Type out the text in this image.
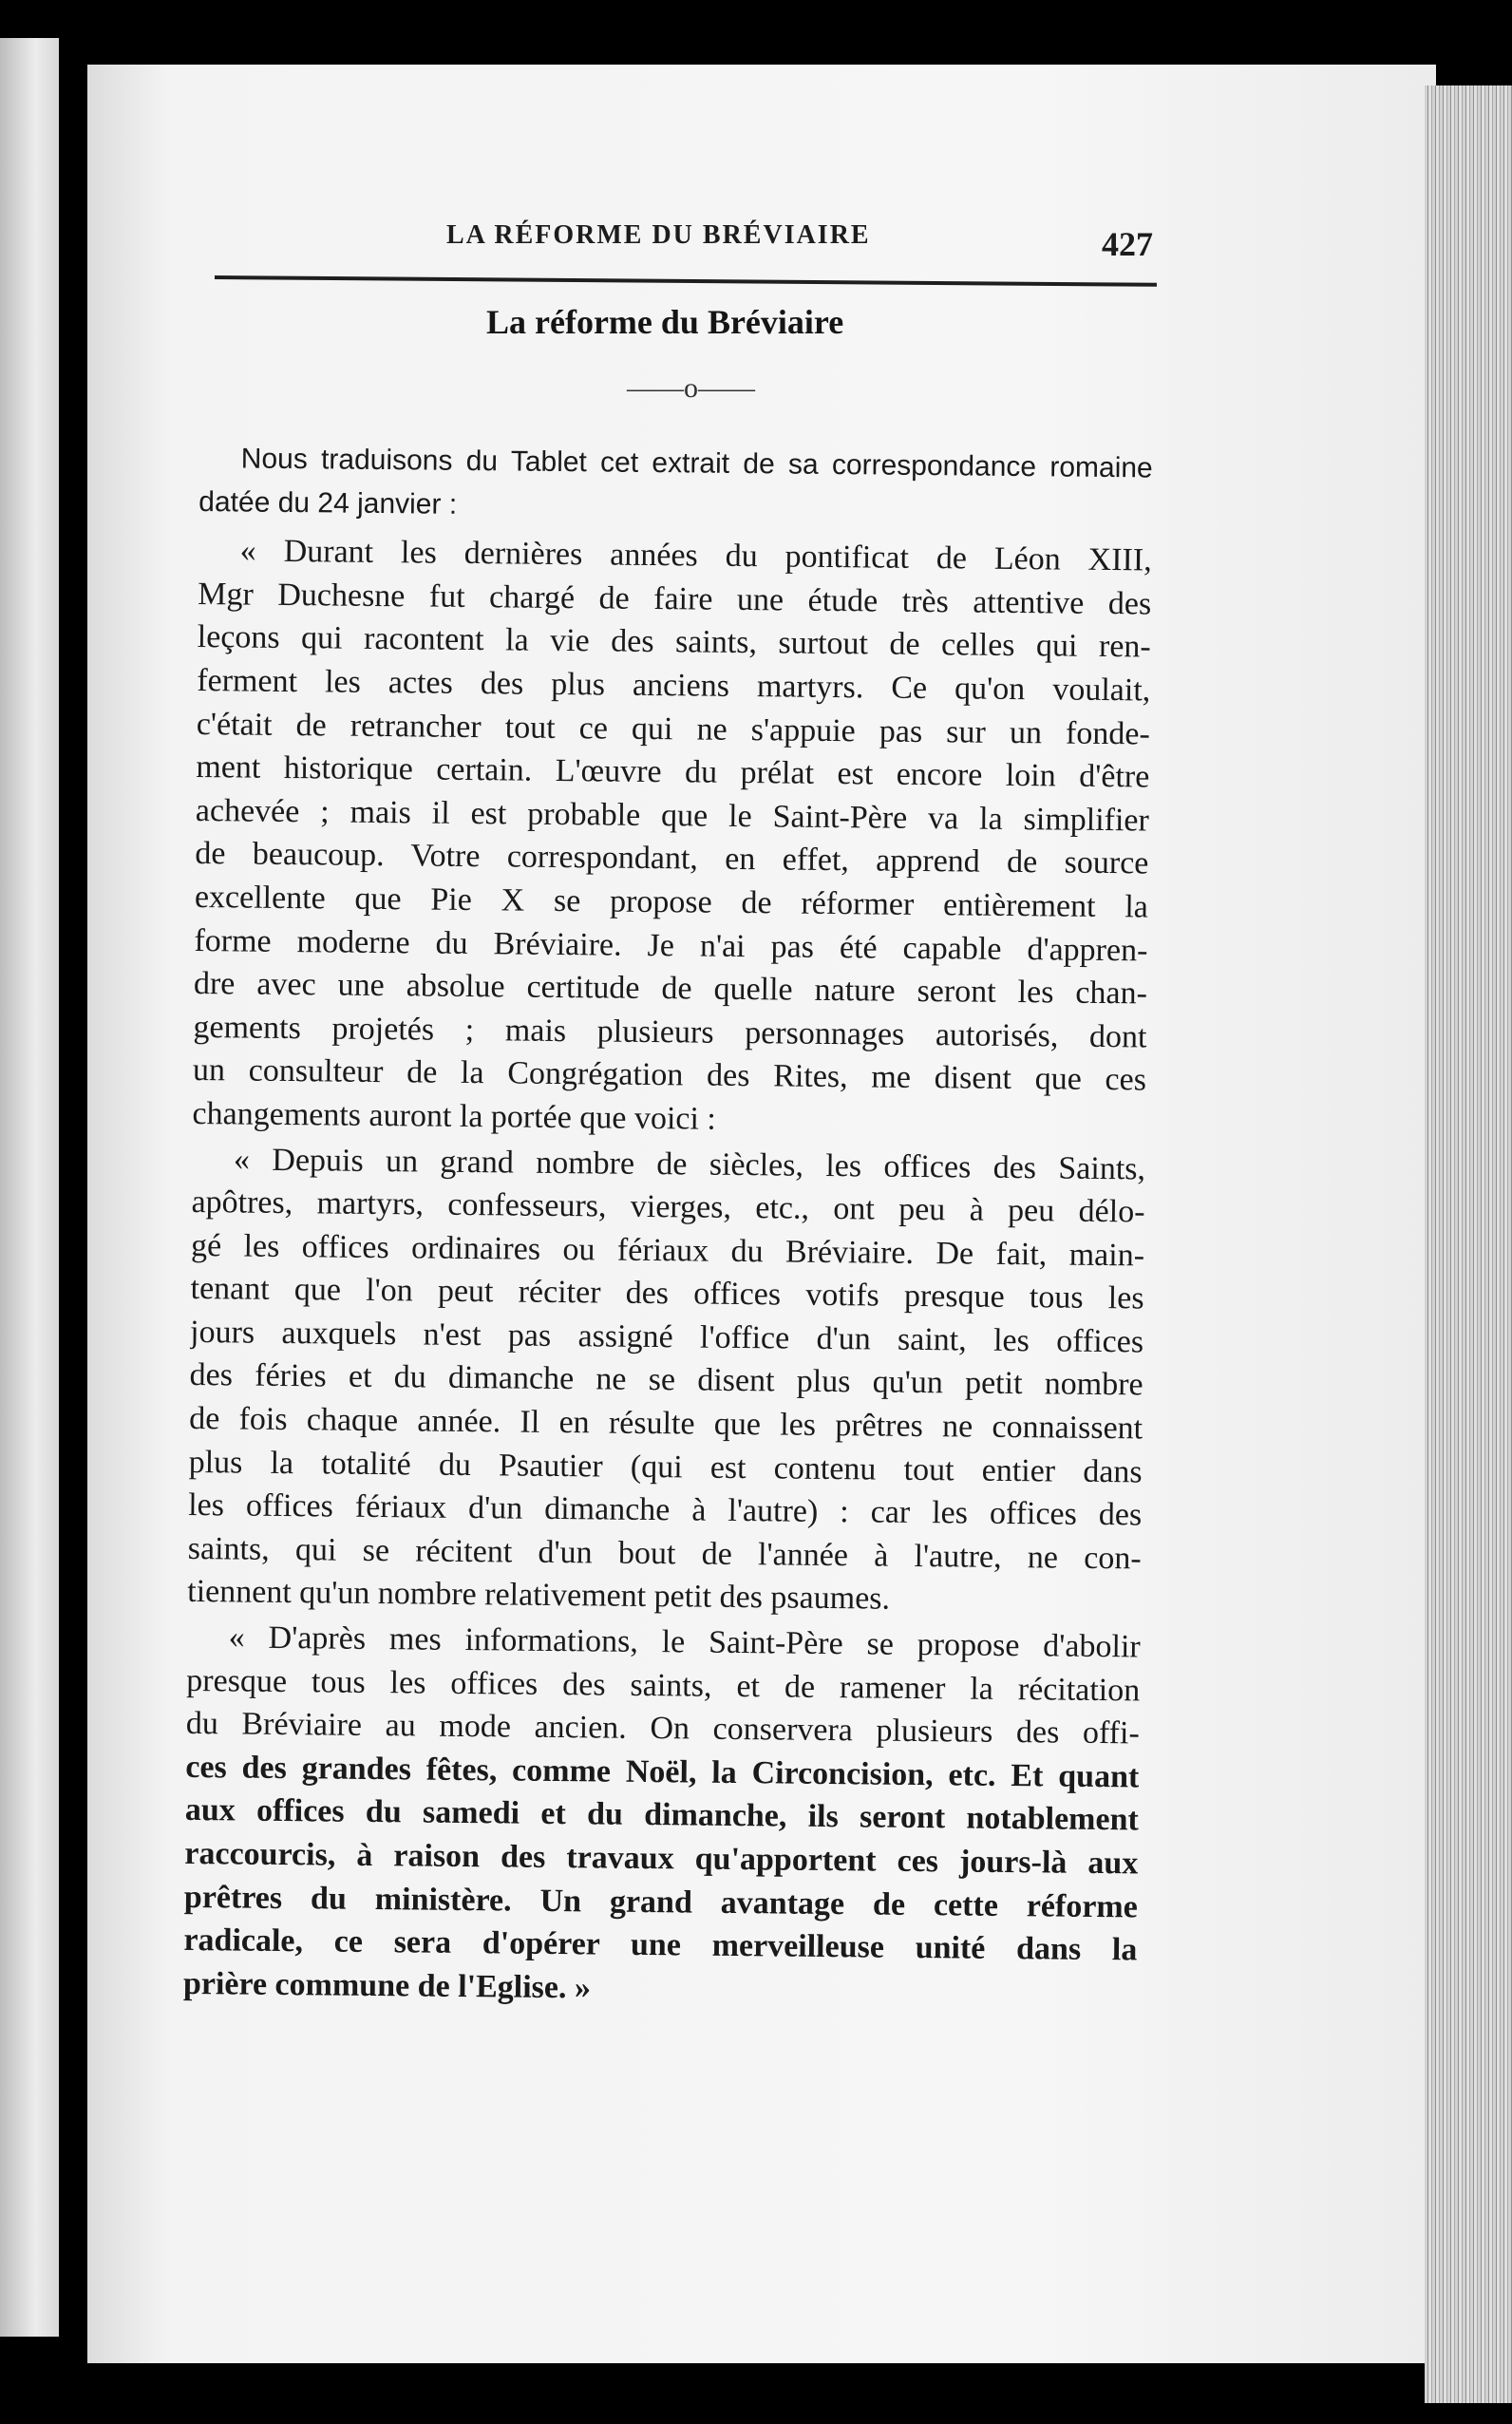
LA RÉFORME DU BRÉVIAIRE	427
La réforme du Bréviaire
——o——
Nous traduisons du Tablet cet extrait de sa correspondance romaine
datée du 24 janvier :
« Durant les dernières années du pontificat de Léon XIII,
Mgr Duchesne fut chargé de faire une étude très attentive des
leçons qui racontent la vie des saints, surtout de celles qui ren-
ferment les actes des plus anciens martyrs. Ce qu'on voulait,
c'était de retrancher tout ce qui ne s'appuie pas sur un fonde-
ment historique certain. L'œuvre du prélat est encore loin d'être
achevée ; mais il est probable que le Saint-Père va la simplifier
de beaucoup. Votre correspondant, en effet, apprend de source
excellente que Pie X se propose de réformer entièrement la
forme moderne du Bréviaire. Je n'ai pas été capable d'appren-
dre avec une absolue certitude de quelle nature seront les chan-
gements projetés ; mais plusieurs personnages autorisés, dont
un consulteur de la Congrégation des Rites, me disent que ces
changements auront la portée que voici :
« Depuis un grand nombre de siècles, les offices des Saints,
apôtres, martyrs, confesseurs, vierges, etc., ont peu à peu délo-
gé les offices ordinaires ou fériaux du Bréviaire. De fait, main-
tenant que l'on peut réciter des offices votifs presque tous les
jours auxquels n'est pas assigné l'office d'un saint, les offices
des féries et du dimanche ne se disent plus qu'un petit nombre
de fois chaque année. Il en résulte que les prêtres ne connaissent
plus la totalité du Psautier (qui est contenu tout entier dans
les offices fériaux d'un dimanche à l'autre) : car les offices des
saints, qui se récitent d'un bout de l'année à l'autre, ne con-
tiennent qu'un nombre relativement petit des psaumes.
« D'après mes informations, le Saint-Père se propose d'abolir
presque tous les offices des saints, et de ramener la récitation
du Bréviaire au mode ancien. On conservera plusieurs des offi-
ces des grandes fêtes, comme Noël, la Circoncision, etc. Et quant
aux offices du samedi et du dimanche, ils seront notablement
raccourcis, à raison des travaux qu'apportent ces jours-là aux
prêtres du ministère. Un grand avantage de cette réforme
radicale, ce sera d'opérer une merveilleuse unité dans la
prière commune de l'Eglise. »
